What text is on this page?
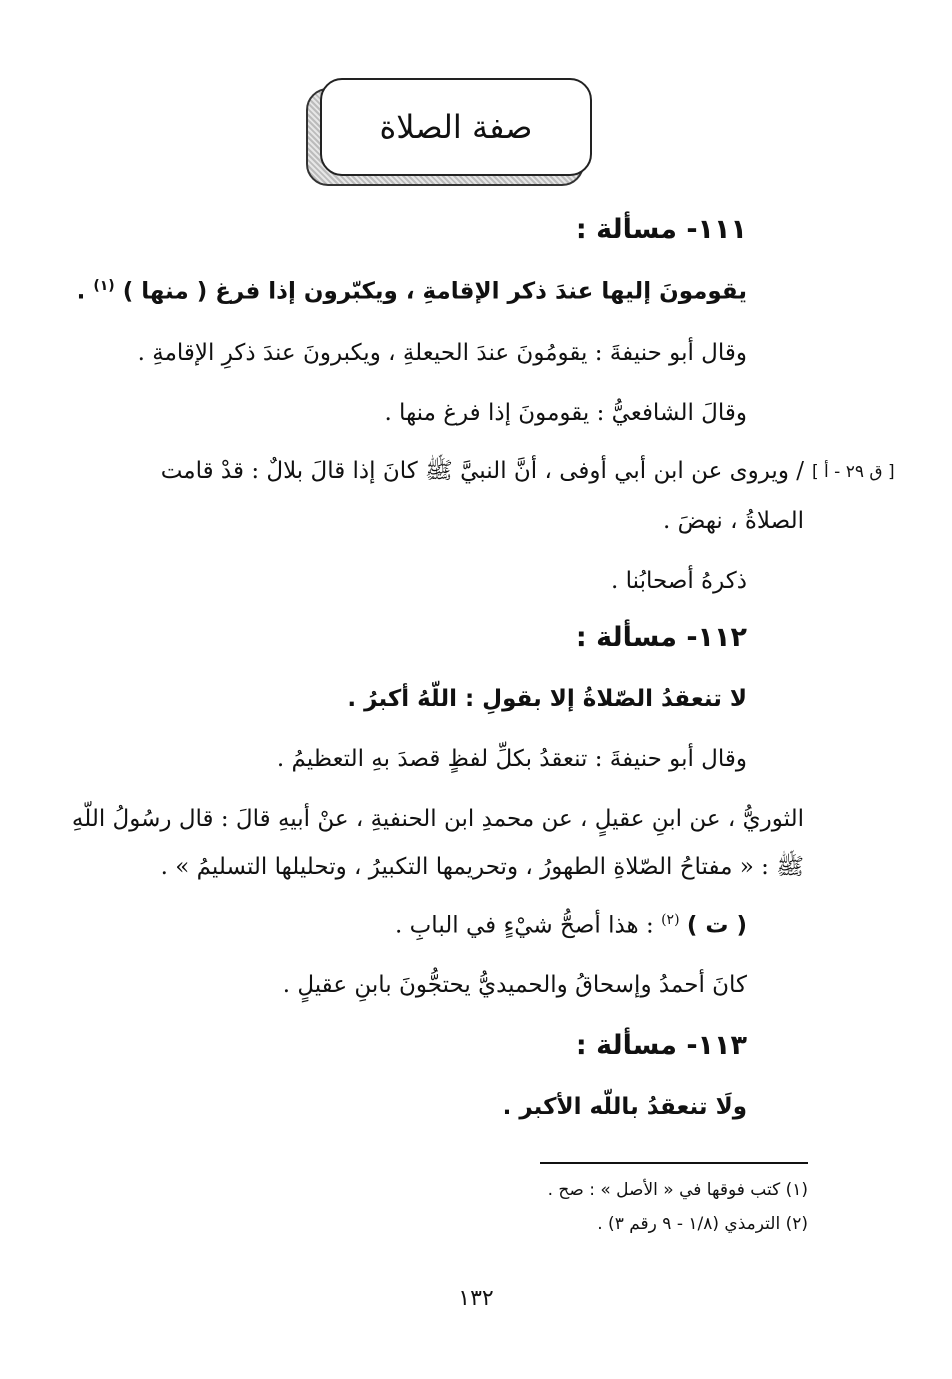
صفة الصلاة
١١١- مسألة :
يقومونَ إليها عندَ ذكر الإقامةِ ، ويكبّرون إذا فرغ ( منها ) $^{(١)}$ .
وقال أبو حنيفةَ : يقومُونَ عندَ الحيعلةِ ، ويكبرونَ عندَ ذكرِ الإقامةِ .
وقالَ الشافعيُّ : يقومونَ إذا فرغ منها .
[ ق ٢٩ - أ ]
/ ويروى عن ابن أبي أوفى ، أنَّ النبيَّ ﷺ كانَ إذا قالَ بلالٌ : قدْ قامت
الصلاةُ ، نهضَ .
ذكرهُ أصحابُنا .
١١٢- مسألة :
لا تنعقدُ الصّلاةُ إلا بقولِ : اللّهُ أكبرُ .
وقال أبو حنيفةَ : تنعقدُ بكلِّ لفظٍ قصدَ بهِ التعظيمُ .
الثوريُّ ، عن ابنِ عقيلٍ ، عن محمدِ ابن الحنفيةِ ، عنْ أبيهِ قالَ : قال رسُولُ اللّهِ
ﷺ : « مفتاحُ الصّلاةِ الطهورُ ، وتحريمها التكبيرُ ، وتحليلها التسليمُ » .
( ت ) $^{(٢)}$ : هذا أصحُّ شيْءٍ في البابِ .
كانَ أحمدُ وإسحاقُ والحميديُّ يحتجُّونَ بابنِ عقيلٍ .
١١٣- مسألة :
ولَا تنعقدُ باللّه الأكبر .
(١) كتب فوقها في « الأصل » : صح .
(٢) الترمذي (١/٨ - ٩ رقم ٣) .
١٣٢
